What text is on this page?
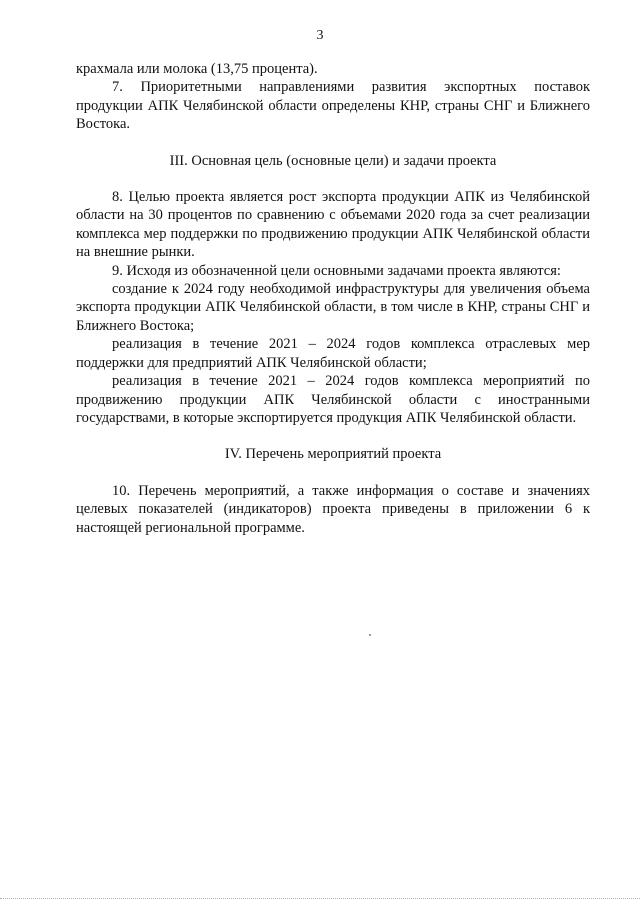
3

крахмала или молока (13,75 процента).

7. Приоритетными направлениями развития экспортных поставок продукции АПК Челябинской области определены КНР, страны СНГ и Ближнего Востока.

III. Основная цель (основные цели) и задачи проекта

8. Целью проекта является рост экспорта продукции АПК из Челябинской области на 30 процентов по сравнению с объемами 2020 года за счет реализации комплекса мер поддержки по продвижению продукции АПК Челябинской области на внешние рынки.

9. Исходя из обозначенной цели основными задачами проекта являются:

создание к 2024 году необходимой инфраструктуры для увеличения объема экспорта продукции АПК Челябинской области, в том числе в КНР, страны СНГ и Ближнего Востока;

реализация в течение 2021 – 2024 годов комплекса отраслевых мер поддержки для предприятий АПК Челябинской области;

реализация в течение 2021 – 2024 годов комплекса мероприятий по продвижению продукции АПК Челябинской области с иностранными государствами, в которые экспортируется продукция АПК Челябинской области.

IV. Перечень мероприятий проекта

10. Перечень мероприятий, а также информация о составе и значениях целевых показателей (индикаторов) проекта приведены в приложении 6 к настоящей региональной программе.
